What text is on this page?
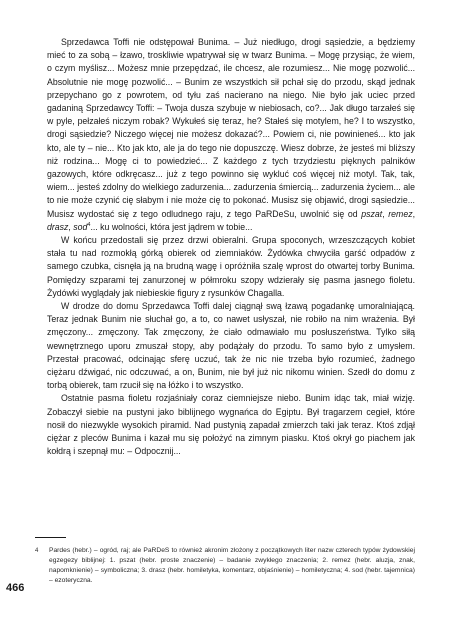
Sprzedawca Toffi nie odstępował Bunima. – Już niedługo, drogi sąsiedzie, a będziemy mieć to za sobą – łzawo, troskliwie wpatrywał się w twarz Bunima. – Mogę przysiąc, że wiem, o czym myślisz... Możesz mnie przepędzać, ile chcesz, ale rozumiesz... Nie mogę pozwolić... Absolutnie nie mogę pozwolić... – Bunim ze wszystkich sił pchał się do przodu, skąd jednak przepychano go z powrotem, od tyłu zaś nacierano na niego. Nie było jak uciec przed gadaniną Sprzedawcy Toffi: – Twoja dusza szybuje w niebiosach, co?... Jak długo tarzałeś się w pyle, pełzałeś niczym robak? Wykułeś się teraz, he? Stałeś się motylem, he? I to wszystko, drogi sąsiedzie? Niczego więcej nie możesz dokazać?... Powiem ci, nie powinieneś... kto jak kto, ale ty – nie... Kto jak kto, ale ja do tego nie dopuszczę. Wiesz dobrze, że jesteś mi bliższy niż rodzina... Mogę ci to powiedzieć... Z każdego z tych trzydziestu pięknych palników gazowych, które odkręcasz... już z tego powinno się wykluć coś więcej niż motyl. Tak, tak, wiem... jesteś zdolny do wielkiego zadurzenia... zadurzenia śmiercią... zadurzenia życiem... ale to nie może czynić cię słabym i nie może cię to pokonać. Musisz się objawić, drogi sąsiedzie... Musisz wydostać się z tego odludnego raju, z tego PaRDeSu, uwolnić się od pszat, remez, drasz, sod$^4$... ku wolności, która jest jądrem w tobie...

W końcu przedostali się przez drzwi obieralni. Grupa spoconych, wrzeszczących kobiet stała tu nad rozmokłą górką obierek od ziemniaków. Żydówka chwyciła garść odpadów z samego czubka, cisnęła ją na brudną wagę i opróżniła szalę wprost do otwartej torby Bunima. Pomiędzy szparami tej zanurzonej w półmroku szopy wdzierały się pasma jasnego fioletu. Żydówki wyglądały jak niebieskie figury z rysunków Chagalla.

W drodze do domu Sprzedawca Toffi dalej ciągnął swą łzawą pogadankę umoralniającą. Teraz jednak Bunim nie słuchał go, a to, co nawet usłyszał, nie robiło na nim wrażenia. Był zmęczony... zmęczony. Tak zmęczony, że ciało odmawiało mu posłuszeństwa. Tylko siłą wewnętrznego uporu zmuszał stopy, aby podążały do przodu. To samo było z umysłem. Przestał pracować, odcinając sferę uczuć, tak że nic nie trzeba było rozumieć, żadnego ciężaru dźwigać, nic odczuwać, a on, Bunim, nie był już nic nikomu winien. Szedł do domu z torbą obierek, tam rzucił się na łóżko i to wszystko.

Ostatnie pasma fioletu rozjaśniały coraz ciemniejsze niebo. Bunim idąc tak, miał wizję. Zobaczył siebie na pustyni jako biblijnego wygnańca do Egiptu. Był tragarzem cegieł, które nosił do niezwykle wysokich piramid. Nad pustynią zapadał zmierzch taki jak teraz. Ktoś zdjął ciężar z pleców Bunima i kazał mu się położyć na zimnym piasku. Ktoś okrył go piachem jak kołdrą i szepnął mu: – Odpocznij...

4 Pardes (hebr.) – ogród, raj; ale PaRDeS to również akronim złożony z początkowych liter nazw czterech typów żydowskiej egzegezy biblijnej: 1. pszat (hebr. proste znaczenie) – badanie zwykłego znaczenia; 2. remez (hebr. aluzja, znak, napomknienie) – symboliczna; 3. drasz (hebr. homiletyka, komentarz, objaśnienie) – homiletyczna; 4. sod (hebr. tajemnica) – ezoteryczna.
466
